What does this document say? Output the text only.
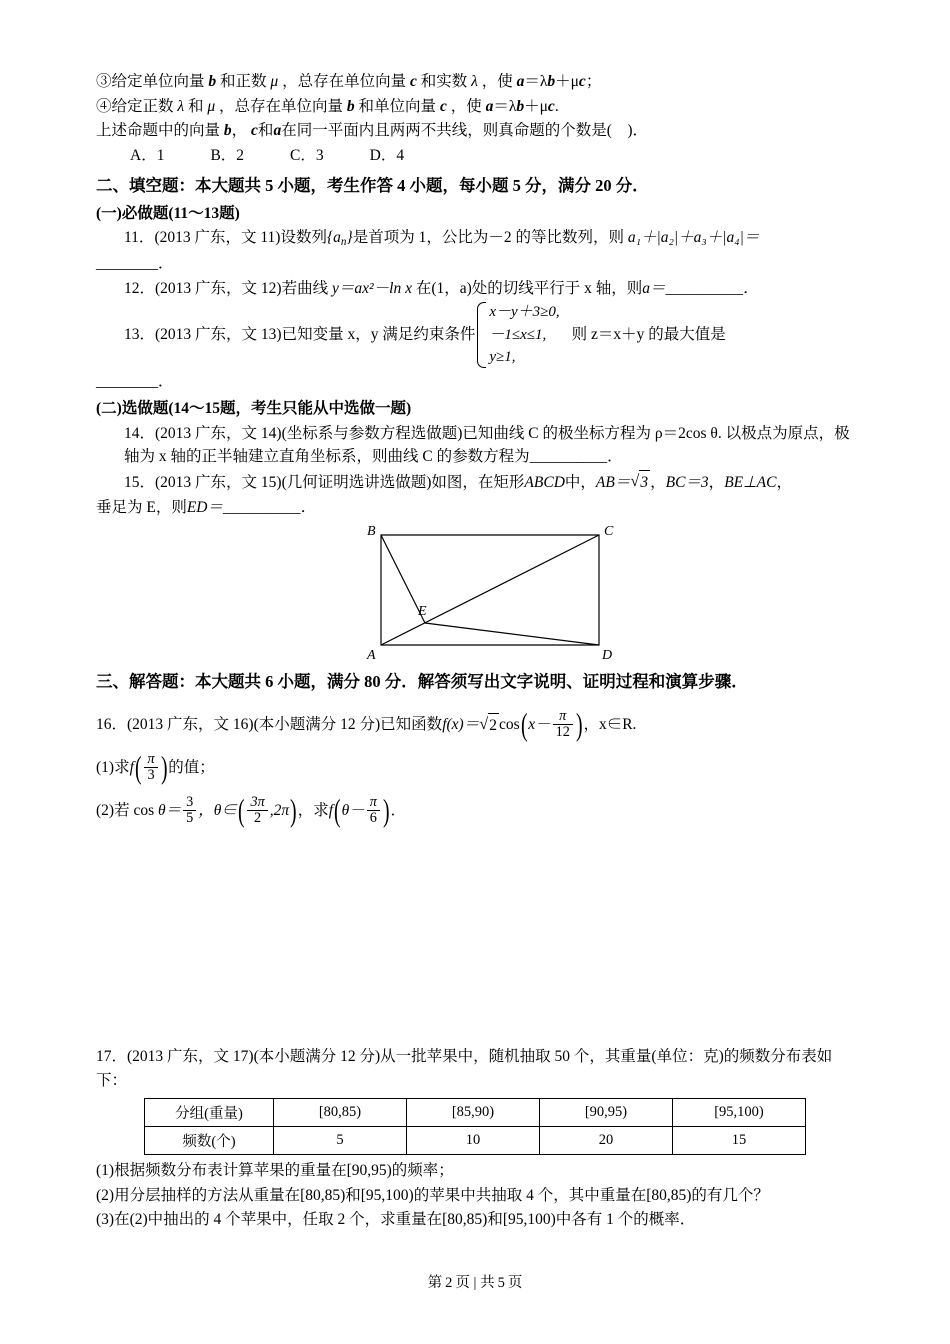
③给定单位向量 b 和正数 μ ，总存在单位向量 c 和实数 λ ，使 a＝λb＋μc；
④给定正数 λ 和 μ ，总存在单位向量 b 和单位向量 c ，使 a＝λb＋μc.
上述命题中的向量 b， c和a在同一平面内且两两不共线，则真命题的个数是( )．
A．1	B．2	C．3	D．4
二、填空题：本大题共 5 小题，考生作答 4 小题，每小题 5 分，满分 20 分．
(一)必做题(11～13题)
11．(2013 广东，文 11)设数列$\{a_n\}$是首项为 1，公比为－2 的等比数列，则 a₁＋|a₂|＋a₃＋|a₄|＝
________．
12．(2013 广东，文 12)若曲线 y＝ax²－ln x 在(1，a)处的切线平行于 x 轴，则a＝__________．
13． (2013 广东，文 13) 已知变量 x，y 满足约束条件
x－y＋3≥0,
－1≤x≤1,
y≥1,
则 z＝x＋y 的最大值是
________．
(二)选做题(14～15题，考生只能从中选做一题)
14．(2013 广东，文 14)(坐标系与参数方程选做题)已知曲线 C 的极坐标方程为 ρ＝2cos θ. 以极点为原点，极轴为 x 轴的正半轴建立直角坐标系，则曲线 C 的参数方程为__________．
15．(2013 广东，文 15)(几何证明选讲选做题)如图，在矩形ABCD中，AB＝ √ 3 ，BC＝3，BE⊥AC，
垂足为 E，则ED＝__________．
B	C
E
A	D
三、解答题：本大题共 6 小题，满分 80 分．解答须写出文字说明、证明过程和演算步骤．
16． (2013 广东，文 16) (本小题满分 12 分) 已知函数 f(x)＝ √ 2 cos ( $x- \frac{\pi}{12}$ ) ，x∈R.
(1)求 f ( $\frac{\pi}{3}$ ) 的值；
(2)若 cos
$\theta= \frac{3}{5}$ ，θ∈ ( $\frac{3\pi}{2} ,2\pi$ ) ，求 f ( $\theta- \frac{\pi}{6}$ ) ．
17．(2013 广东，文 17)(本小题满分 12 分)从一批苹果中，随机抽取 50 个，其重量(单位：克)的频数分布表如下：
分组(重量)	[80,85)	[85,90)	[90,95)	[95,100)
频数(个)	5	10	20	15
(1)根据频数分布表计算苹果的重量在[90,95)的频率；
(2)用分层抽样的方法从重量在[80,85)和[95,100)的苹果中共抽取 4 个，其中重量在[80,85)的有几个？
(3)在(2)中抽出的 4 个苹果中，任取 2 个，求重量在[80,85)和[95,100)中各有 1 个的概率．
第 2 页 | 共 5 页
